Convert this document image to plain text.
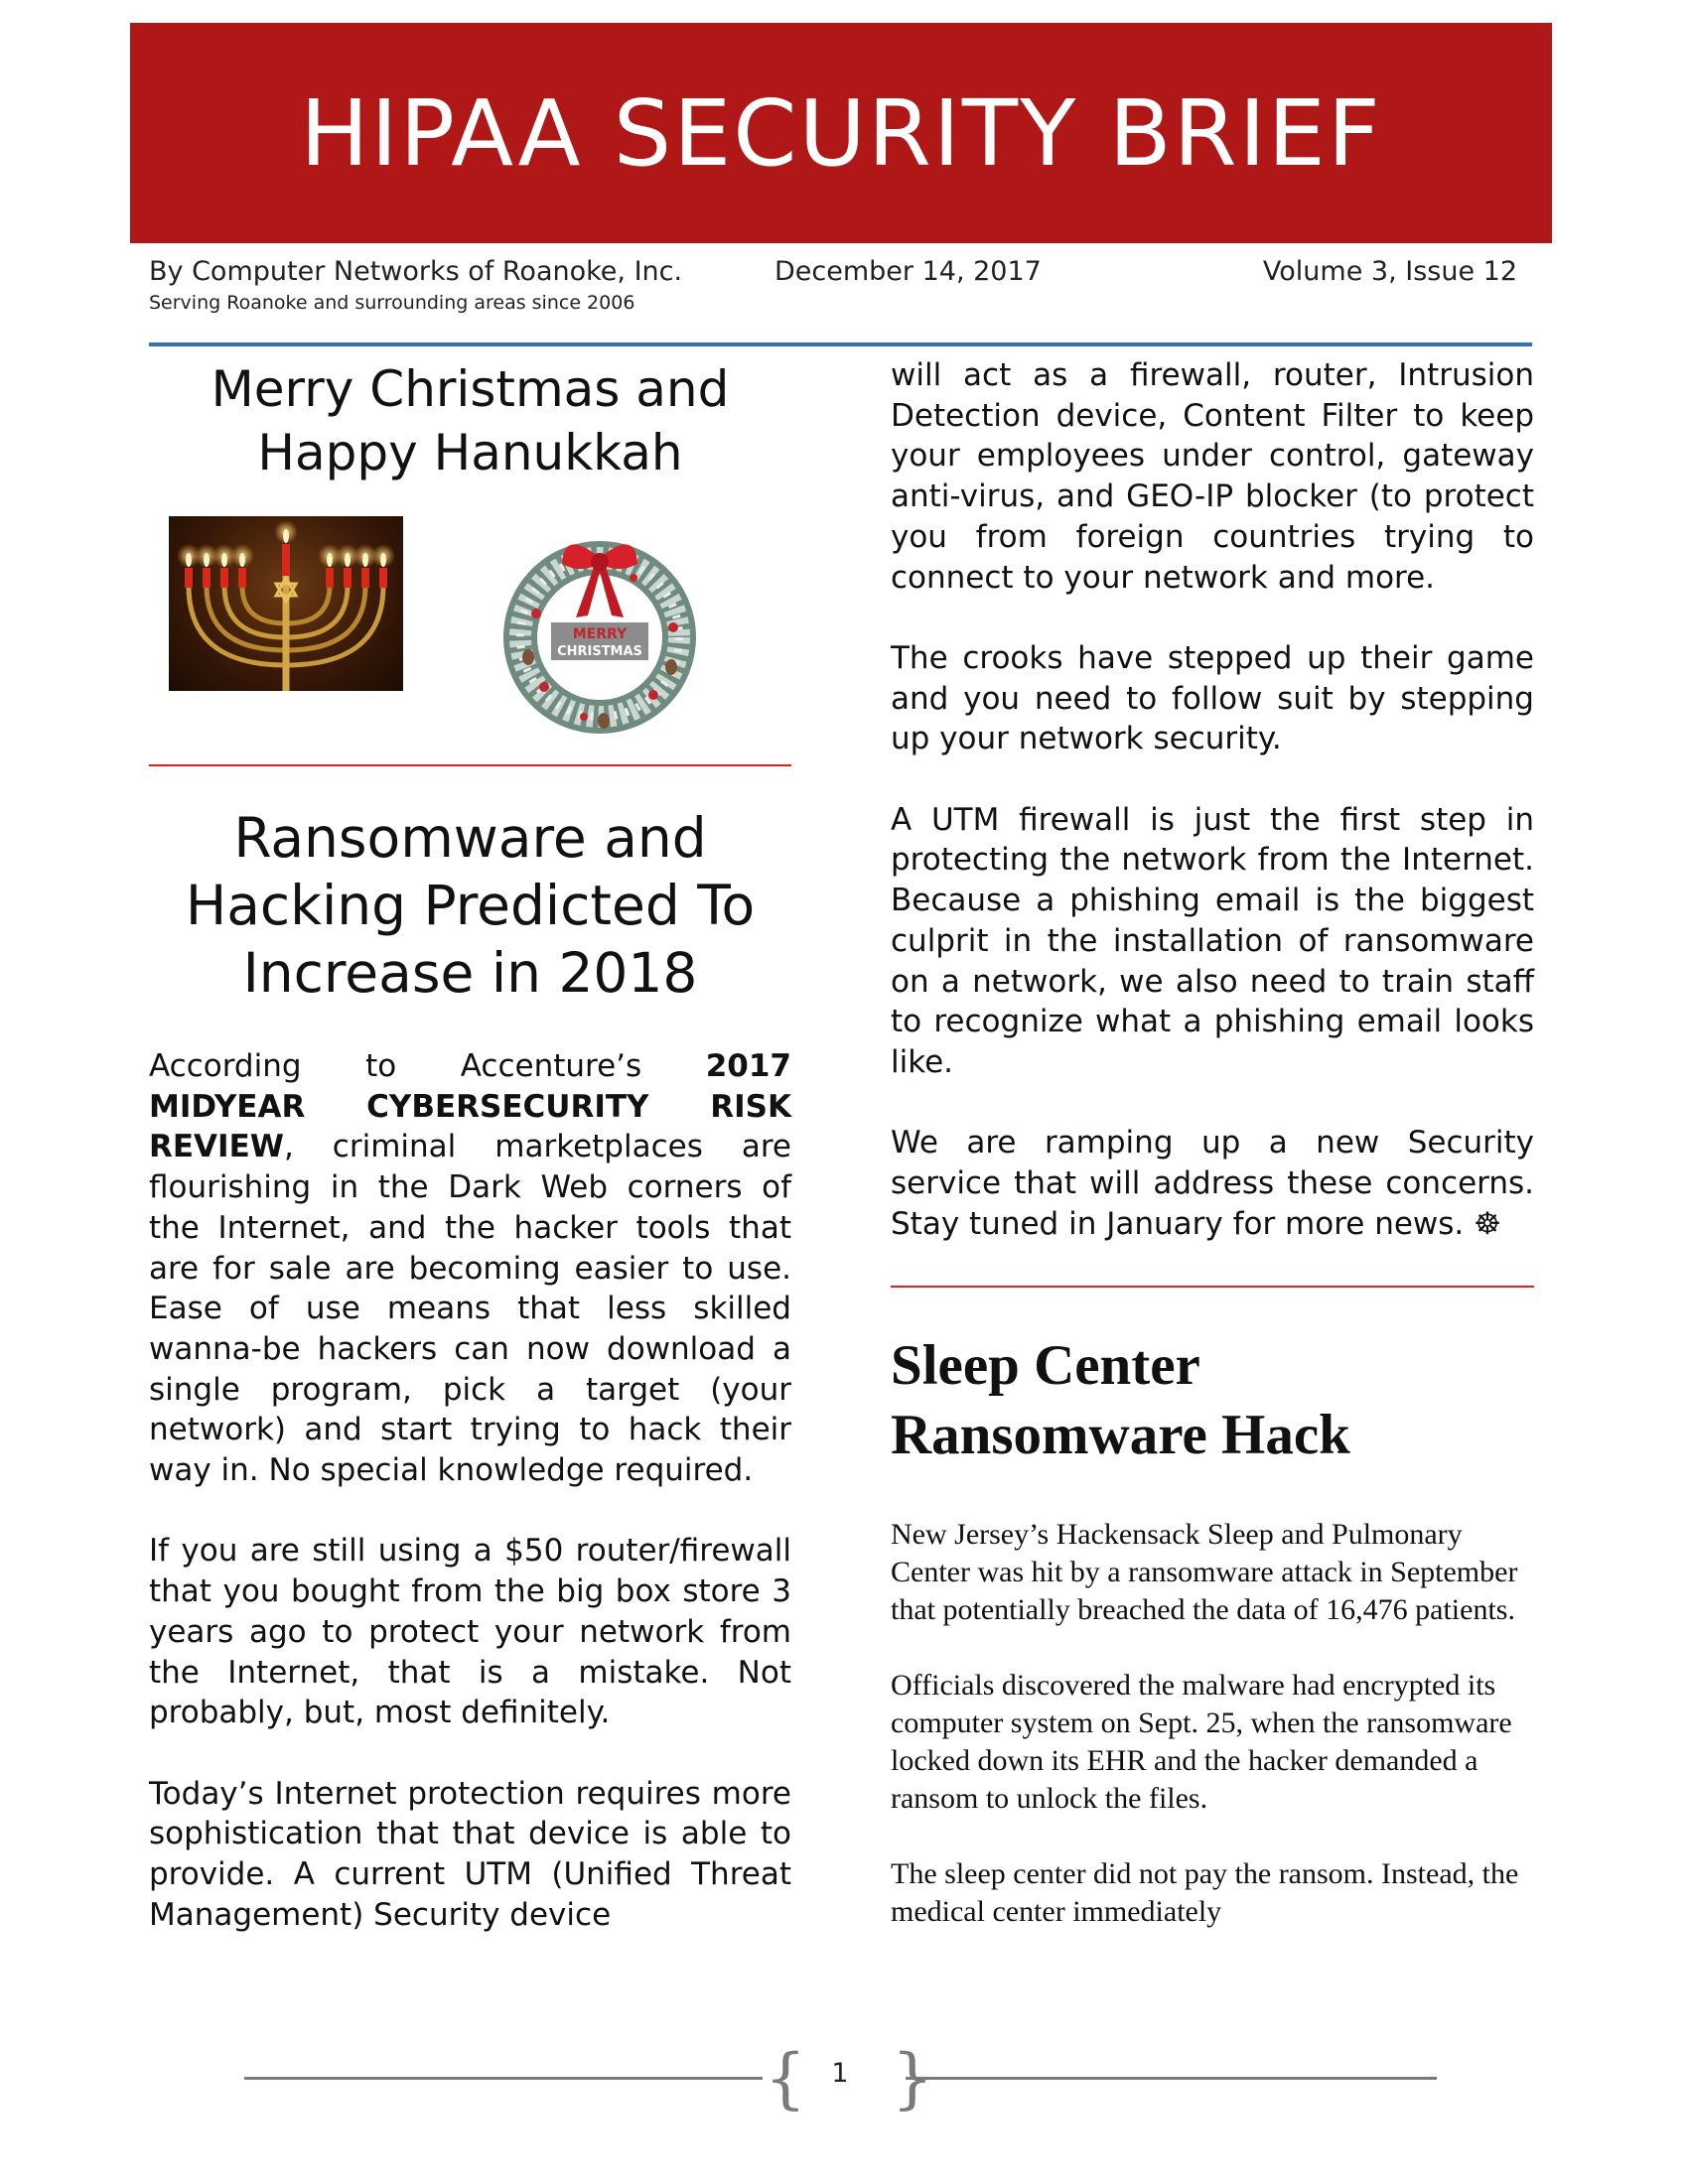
HIPAA SECURITY BRIEF
By Computer Networks of Roanoke, Inc.	December 14, 2017	Volume 3, Issue 12
Serving Roanoke and surrounding areas since 2006
Merry Christmas and
Happy Hanukkah
MERRY
CHRISTMAS
Ransomware and
Hacking Predicted To
Increase in 2018

According to Accenture’s 2017 MIDYEAR CYBERSECURITY RISK REVIEW, criminal marketplaces are flourishing in the Dark Web corners of the Internet, and the hacker tools that are for sale are becoming easier to use. Ease of use means that less skilled wanna-be hackers can now download a single program, pick a target (your network) and start trying to hack their way in. No special knowledge required.

If you are still using a $50 router/firewall that you bought from the big box store 3 years ago to protect your network from the Internet, that is a mistake. Not probably, but, most definitely.

Today’s Internet protection requires more sophistication that that device is able to provide. A current UTM (Unified Threat Management) Security device

will act as a firewall, router, Intrusion Detection device, Content Filter to keep your employees under control, gateway anti-virus, and GEO-IP blocker (to protect you from foreign countries trying to connect to your network and more.

The crooks have stepped up their game and you need to follow suit by stepping up your network security.

A UTM firewall is just the first step in protecting the network from the Internet. Because a phishing email is the biggest culprit in the installation of ransomware on a network, we also need to train staff to recognize what a phishing email looks like.

We are ramping up a new Security service that will address these concerns. Stay tuned in January for more news. ☸

Sleep Center
Ransomware Hack

New Jersey’s Hackensack Sleep and Pulmonary Center was hit by a ransomware attack in September that potentially breached the data of 16,476 patients.

Officials discovered the malware had encrypted its computer system on Sept. 25, when the ransomware locked down its EHR and the hacker demanded a ransom to unlock the files.

The sleep center did not pay the ransom. Instead, the medical center immediately

{ 1 }
